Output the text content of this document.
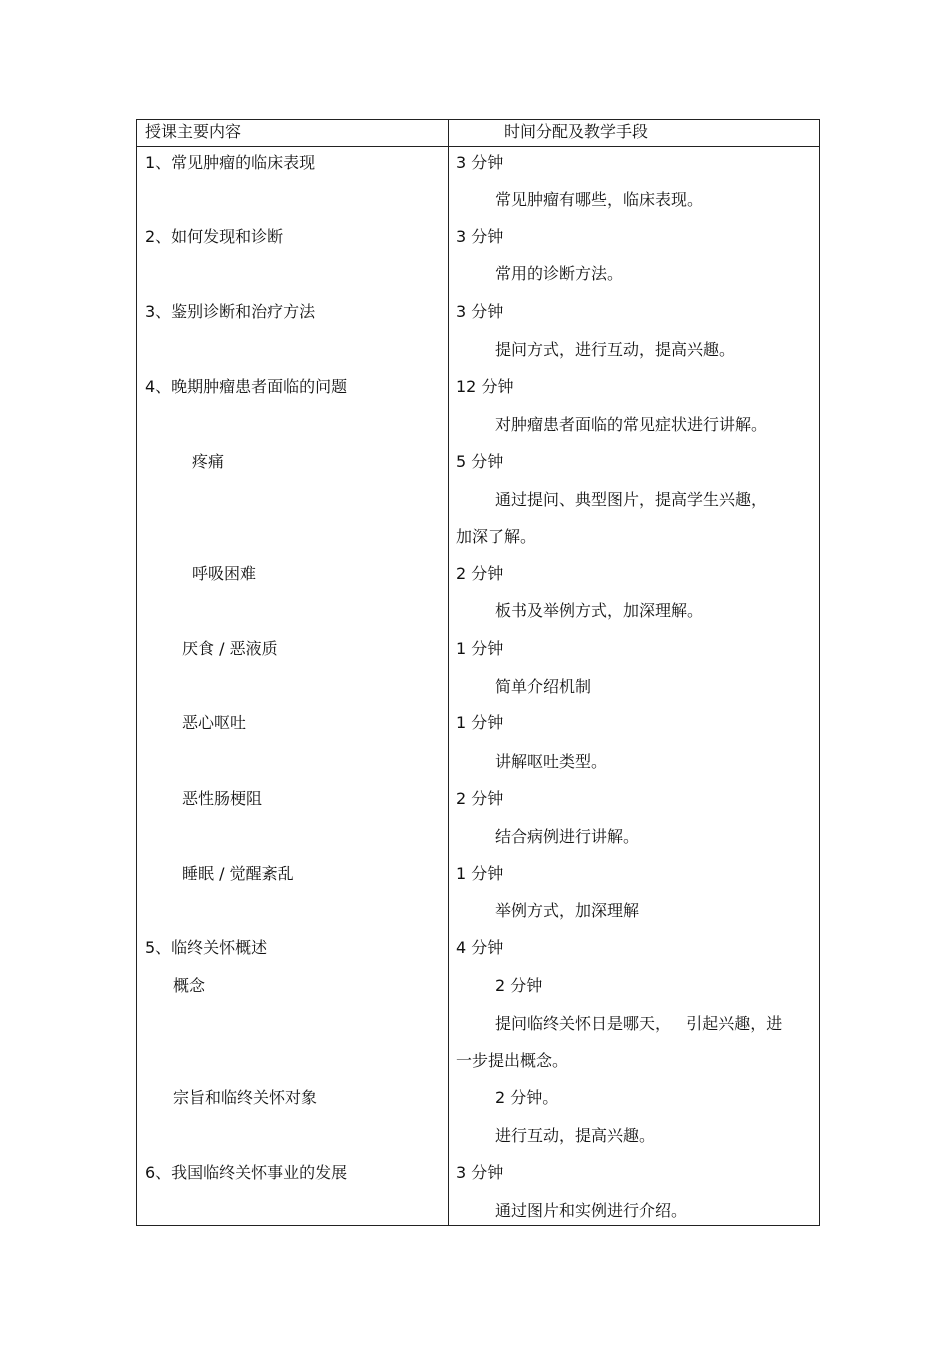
授课主要内容	时间分配及教学手段
1、常见肿瘤的临床表现
2、如何发现和诊断
3、鉴别诊断和治疗方法
4、晚期肿瘤患者面临的问题
疼痛
呼吸困难
厌食 / 恶液质
恶心呕吐
恶性肠梗阻
睡眠 / 觉醒紊乱
5、临终关怀概述
概念
宗旨和临终关怀对象
6、我国临终关怀事业的发展
3 分钟
常见肿瘤有哪些，临床表现。
3 分钟
常用的诊断方法。
3 分钟
提问方式，进行互动，提高兴趣。
12 分钟
对肿瘤患者面临的常见症状进行讲解。
5 分钟
通过提问、典型图片，提高学生兴趣，
加深了解。
2 分钟
板书及举例方式，加深理解。
1 分钟
简单介绍机制
1 分钟
讲解呕吐类型。
2 分钟
结合病例进行讲解。
1 分钟
举例方式，加深理解
4 分钟
2 分钟
提问临终关怀日是哪天，   引起兴趣，进
一步提出概念。
2 分钟。
进行互动，提高兴趣。
3 分钟
通过图片和实例进行介绍。
